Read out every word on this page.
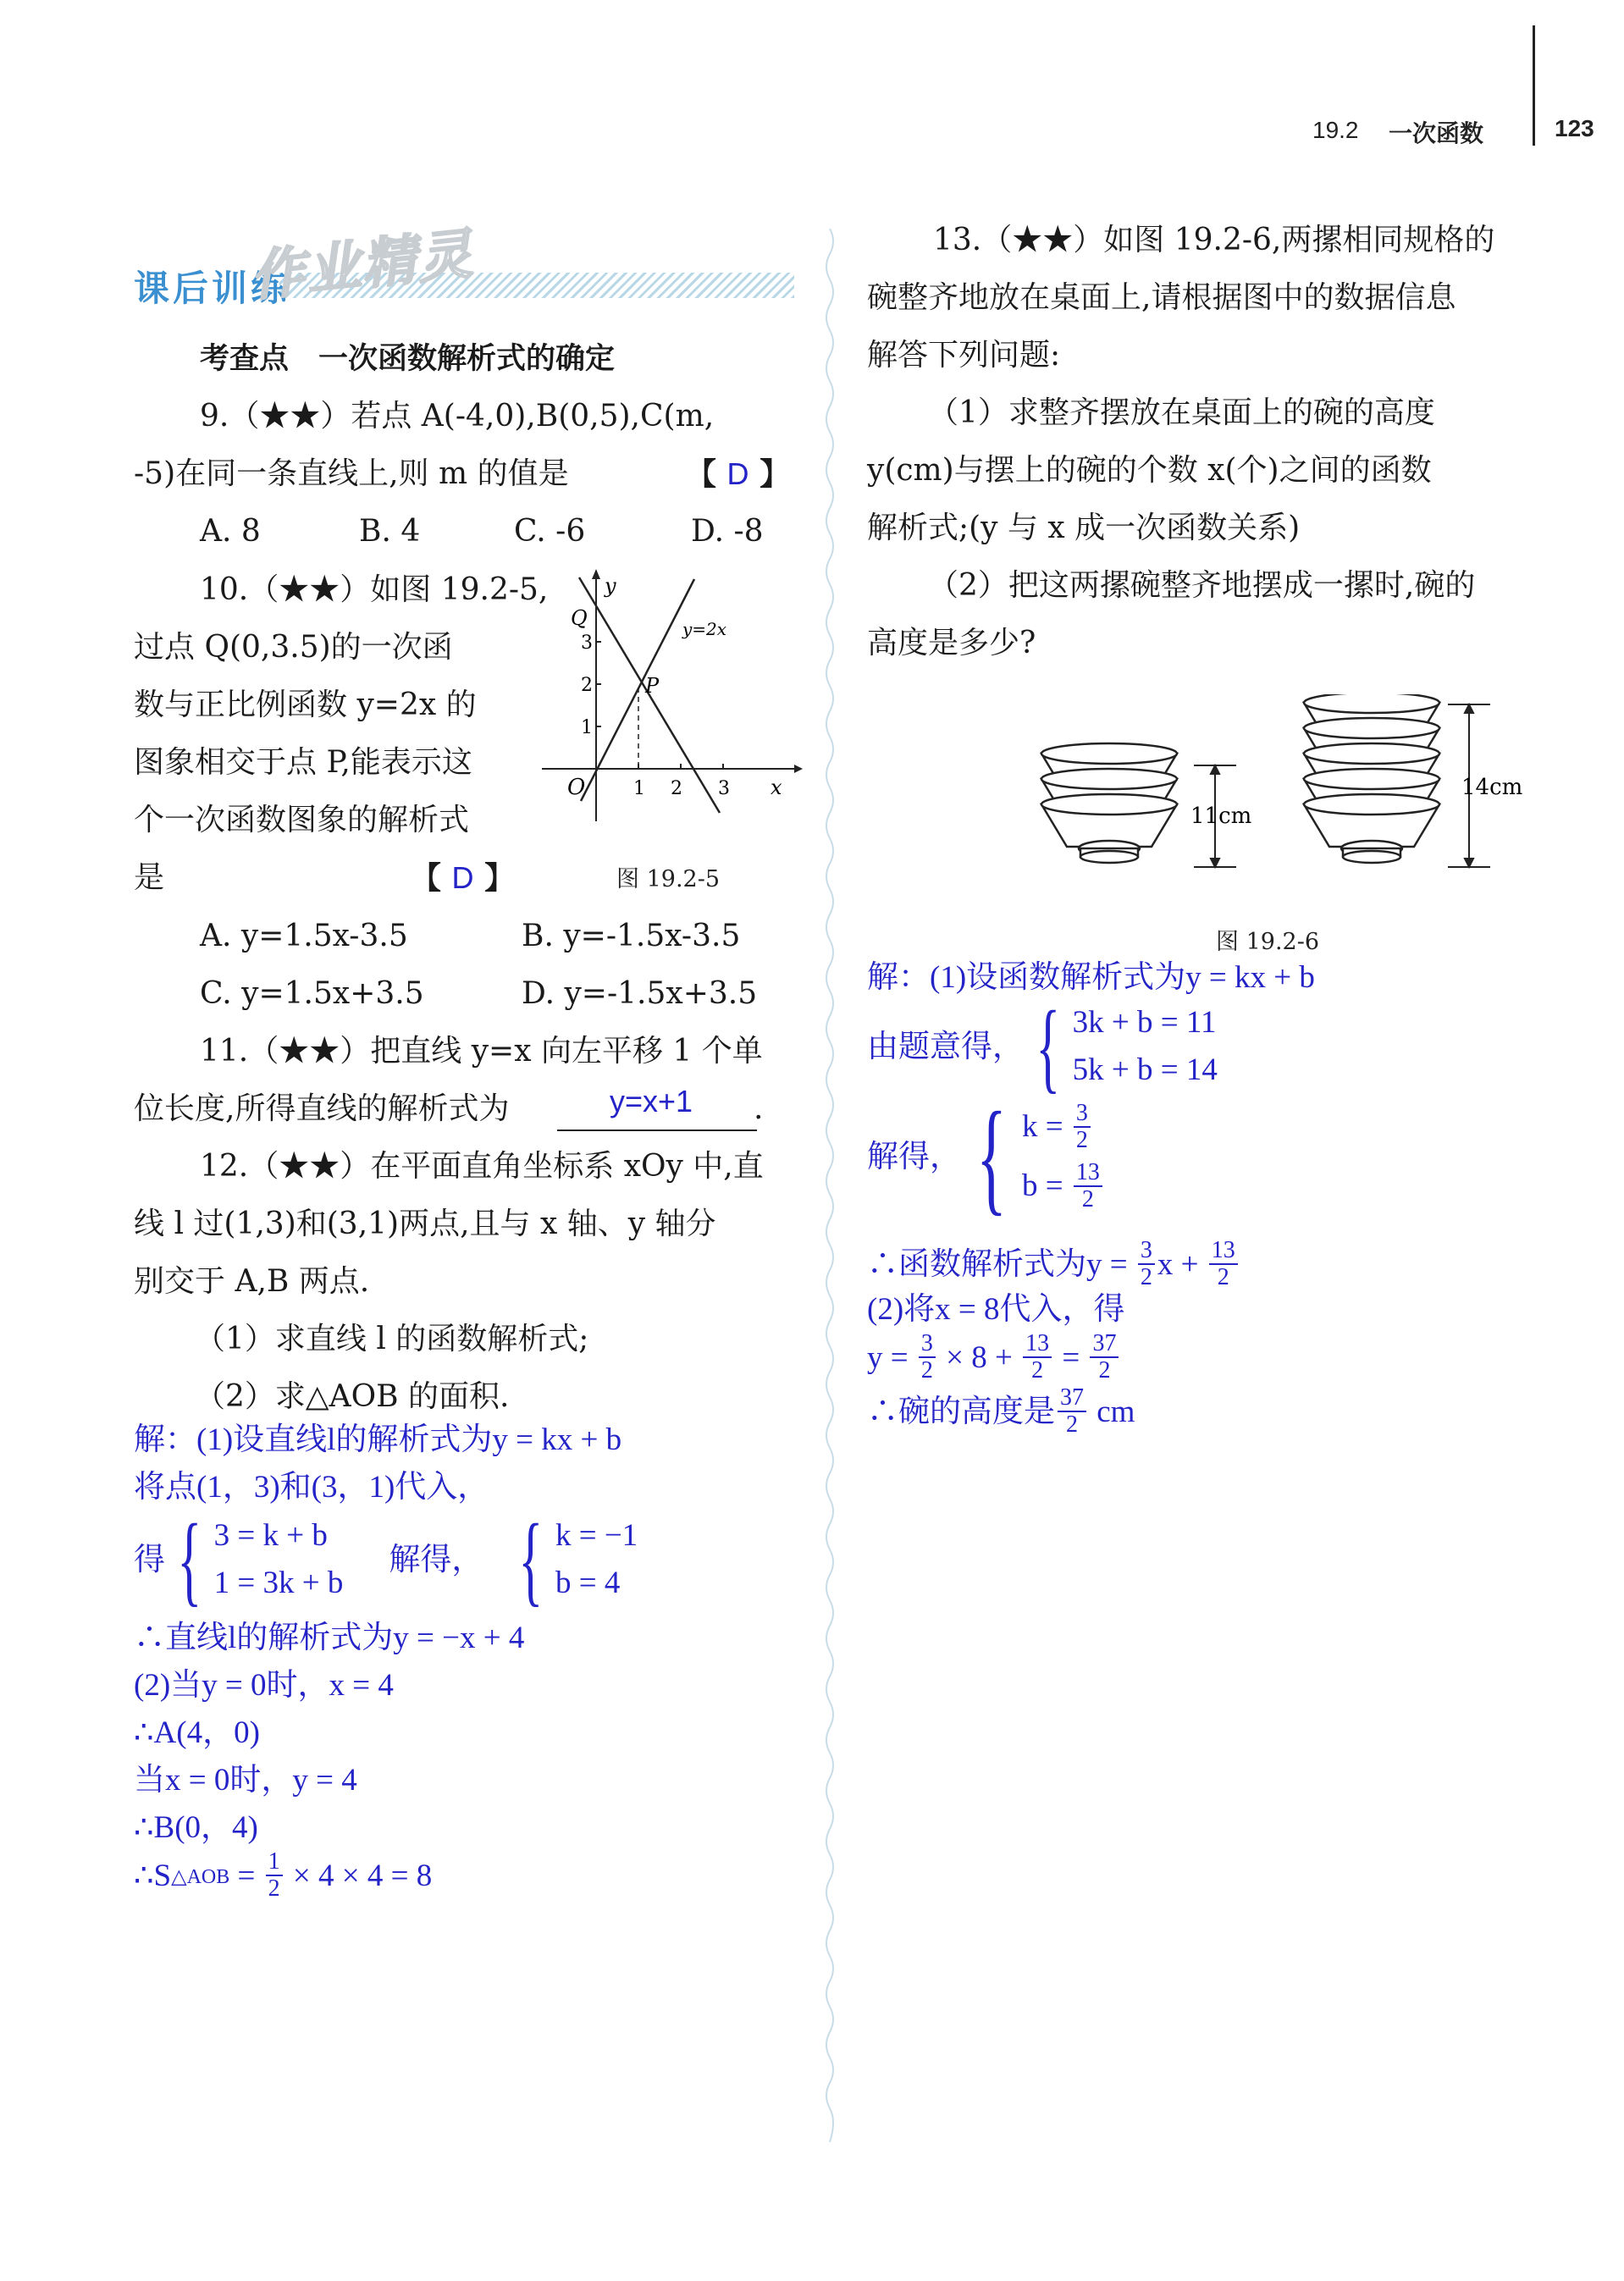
19.2 一次函数	123
课后训练
作业精灵
考查点　一次函数解析式的确定
9.（★★）若点 A(-4,0),B(0,5),C(m,
-5)在同一条直线上,则 m 的值是	【 D 】
A. 8	B. 4	C. -6	D. -8
10.（★★）如图 19.2-5,
过点 Q(0,3.5)的一次函
数与正比例函数 y=2x 的
图象相交于点 P,能表示这
个一次函数图象的解析式
是	【 D 】
y
x
O
Q
P
y=2x
1 2 3
1
2
3
图 19.2-5
A. y=1.5x-3.5	B. y=-1.5x-3.5
C. y=1.5x+3.5	D. y=-1.5x+3.5
11.（★★）把直线 y=x 向左平移 1 个单
位长度,所得直线的解析式为	y=x+1 .
12.（★★）在平面直角坐标系 xOy 中,直
线 l 过(1,3)和(3,1)两点,且与 x 轴、y 轴分
别交于 A,B 两点.
（1）求直线 l 的函数解析式;
（2）求△AOB 的面积.
解：(1)设直线l的解析式为y = kx + b
将点(1，3)和(3，1)代入，
得 { 3 = k + b
1 = 3k + b
解得， { k = −1
b = 4
∴直线l的解析式为y = −x + 4
(2)当y = 0时，x = 4
∴A(4，0)
当x = 0时，y = 4
∴B(0，4)
∴S △AOB = $\frac{1}{2} \times 4 \times 4 = 8$
13.（★★）如图 19.2-6,两摞相同规格的
碗整齐地放在桌面上,请根据图中的数据信息
解答下列问题:
（1）求整齐摆放在桌面上的碗的高度
y(cm)与摆上的碗的个数 x(个)之间的函数
解析式;(y 与 x 成一次函数关系)
（2）把这两摞碗整齐地摆成一摞时,碗的
高度是多少?
11cm
14cm
图 19.2-6
解：(1)设函数解析式为y = kx + b
由题意得， { 3k + b = 11
5k + b = 14
解得， { $k = \frac{3}{2}$
$b = \frac{13}{2}$
∴函数解析式为$y = \frac{3}{2}$ $x + \frac{13}{2}$
(2)将x = 8代入，得
$y = \frac{3}{2} \times 8 + \frac{13}{2} = \frac{37}{2}$
∴碗的高度是 $\frac{37}{2}$ cm
